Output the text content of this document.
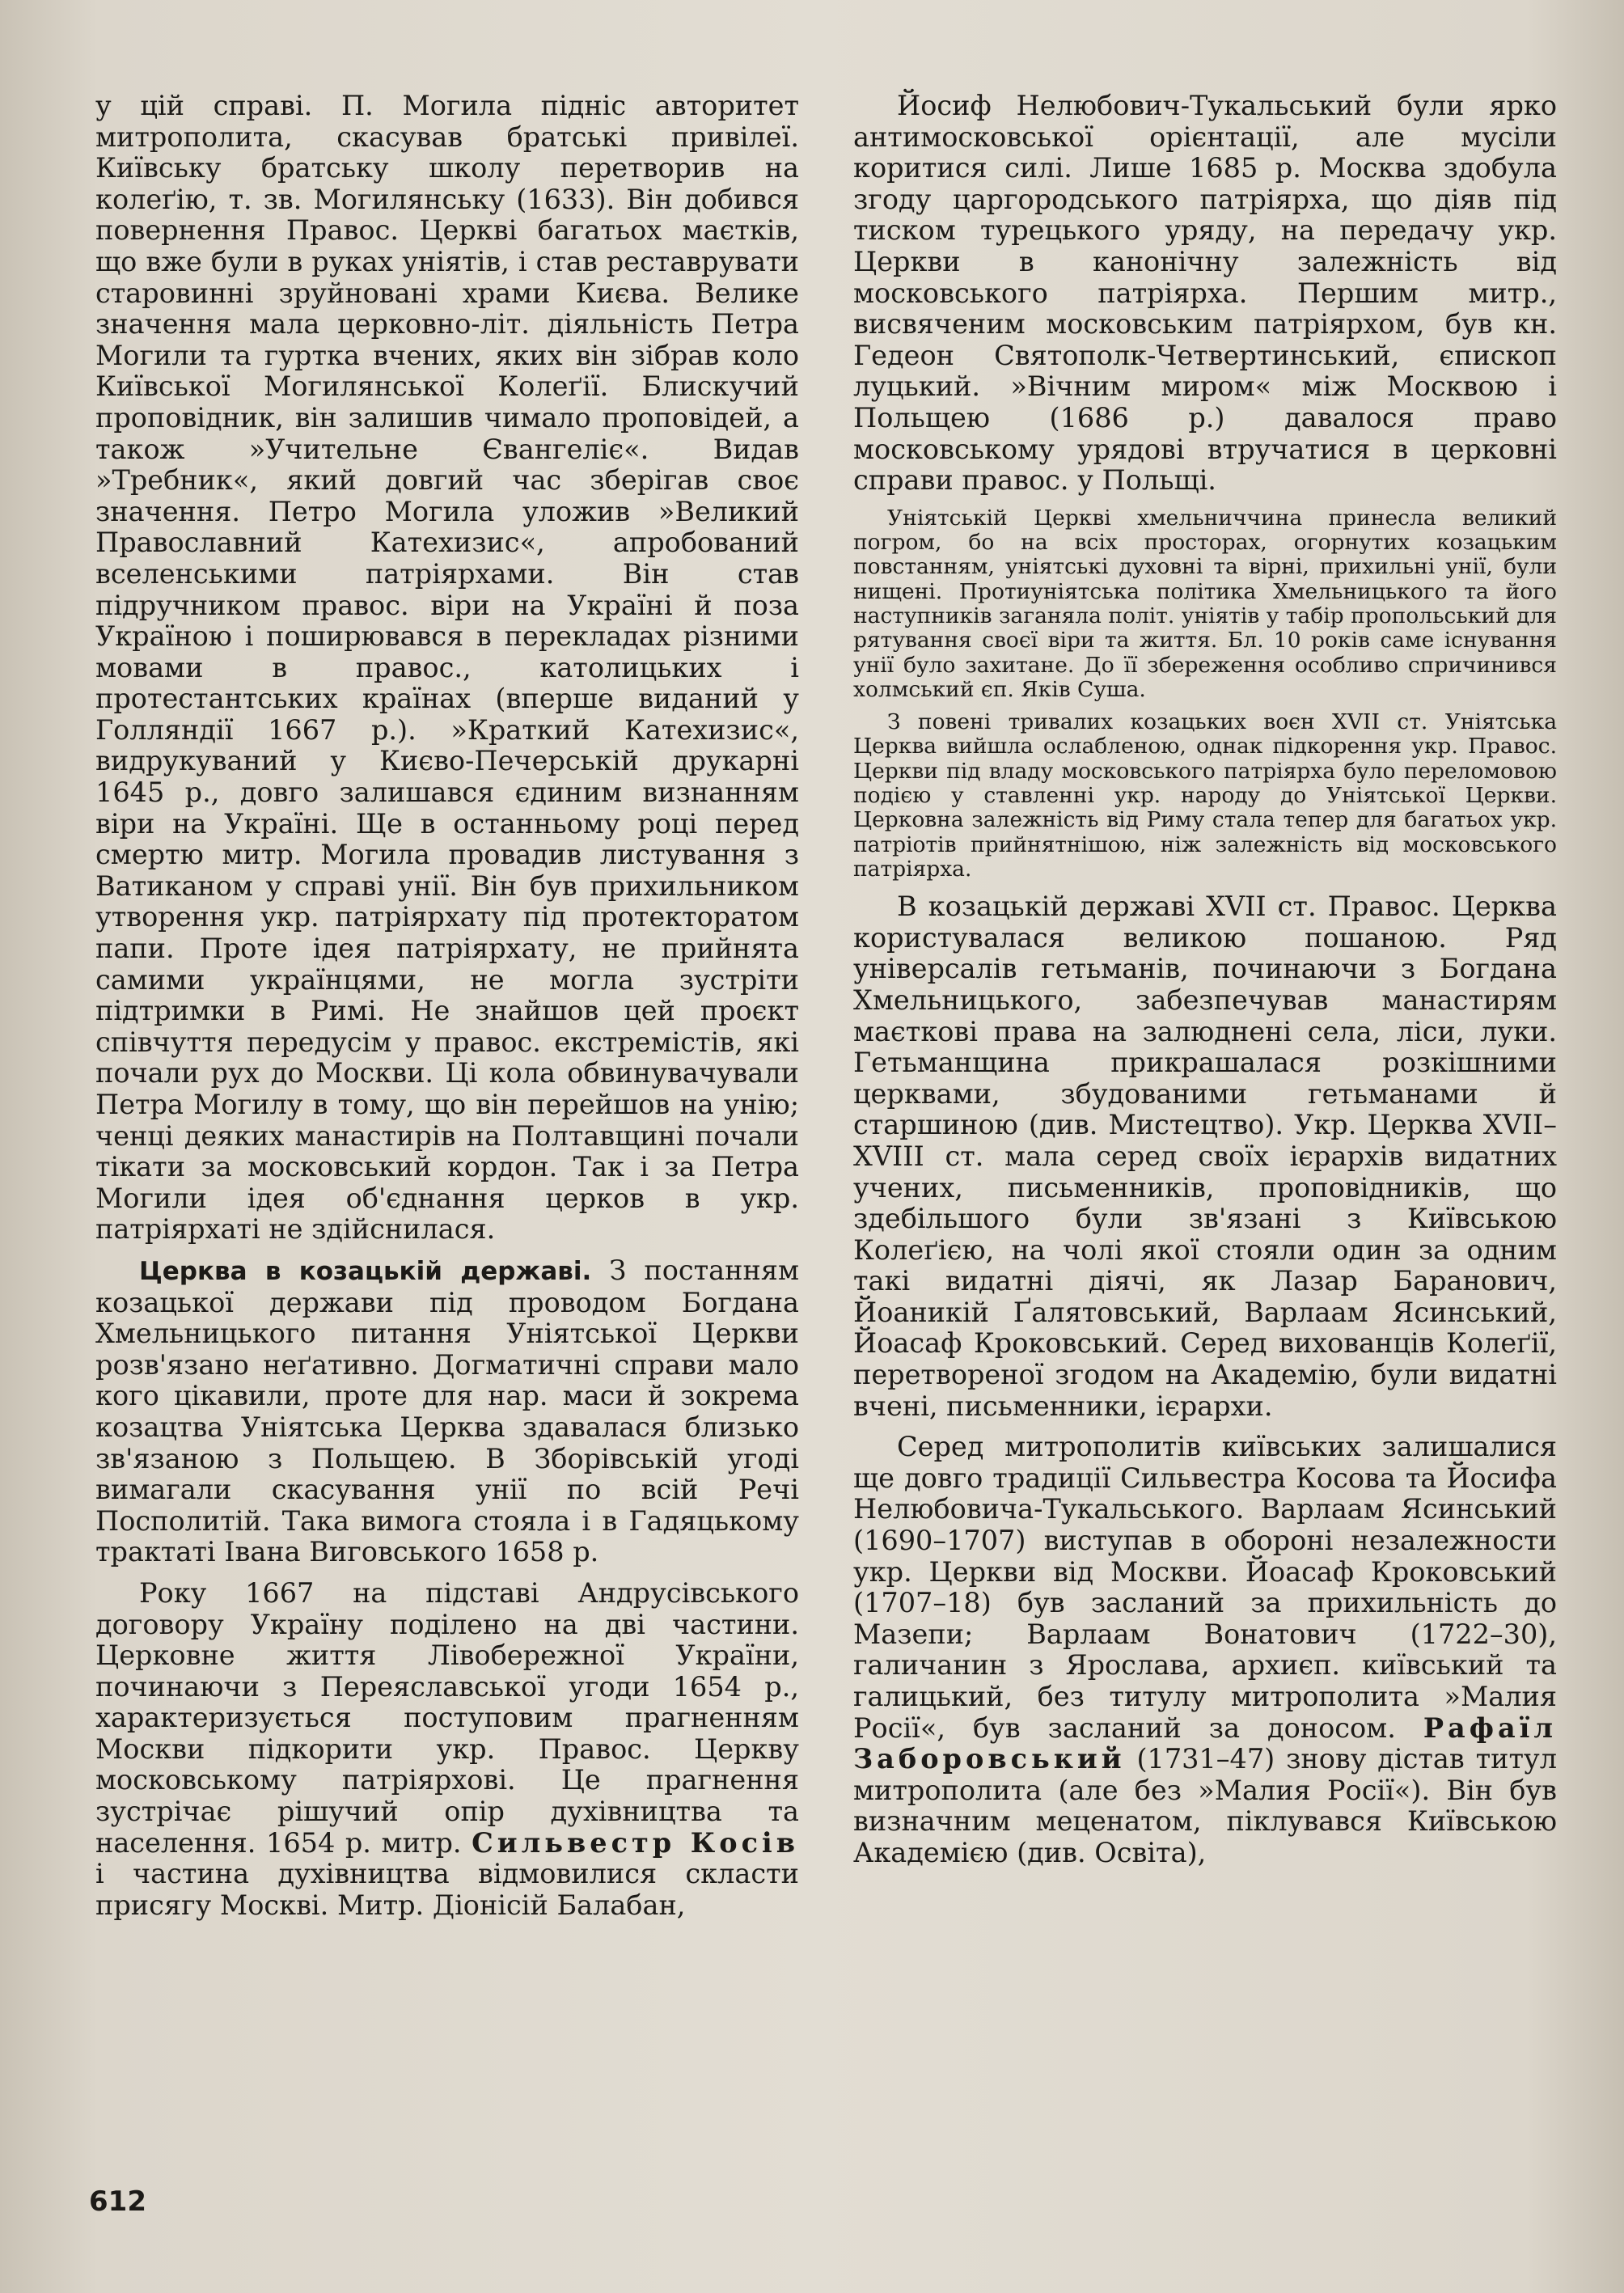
у цій справі. П. Могила підніс авторитет митрополита, скасував братські привілеї. Київську братську школу перетворив на колеґію, т. зв. Могилянську (1633). Він добився повернення Правос. Церкві багатьох маєтків, що вже були в руках уніятів, і став реставрувати старовинні зруйновані храми Києва. Велике значення мала церковно-літ. діяльність Петра Могили та гуртка вчених, яких він зібрав коло Київської Могилянської Колеґії. Блискучий проповідник, він залишив чимало проповідей, а також »Учительне Євангеліє«. Видав »Требник«, який довгий час зберігав своє значення. Петро Могила уложив »Великий Православний Катехизис«, апробований вселенськими патріярхами. Він став підручником правос. віри на Україні й поза Україною і поширювався в перекладах різними мовами в правос., католицьких і протестантських країнах (вперше виданий у Голляндії 1667 р.). »Краткий Катехизис«, видрукуваний у Києво-Печерській друкарні 1645 р., довго залишався єдиним визнанням віри на Україні. Ще в останньому році перед смертю митр. Могила провадив листування з Ватиканом у справі унії. Він був прихильником утворення укр. патріярхату під протекторатом папи. Проте ідея патріярхату, не прийнята самими українцями, не могла зустріти підтримки в Римі. Не знайшов цей проєкт співчуття передусім у правос. екстремістів, які почали рух до Москви. Ці кола обвинувачували Петра Могилу в тому, що він перейшов на унію; ченці деяких манастирів на Полтавщині почали тікати за московський кордон. Так і за Петра Могили ідея об'єднання церков в укр. патріярхаті не здійснилася.

Церква в козацькій державі. З постанням козацької держави під проводом Богдана Хмельницького питання Уніятської Церкви розв'язано неґативно. Догматичні справи мало кого цікавили, проте для нар. маси й зокрема козацтва Уніятська Церква здавалася близько зв'язаною з Польщею. В Зборівській угоді вимагали скасування унії по всій Речі Посполитій. Така вимога стояла і в Гадяцькому трактаті Івана Виговського 1658 р.

Року 1667 на підставі Андрусівського договору Україну поділено на дві частини. Церковне життя Лівобережної України, починаючи з Переяславської угоди 1654 р., характеризується поступовим прагненням Москви підкорити укр. Правос. Церкву московському патріярхові. Це прагнення зустрічає рішучий опір духівництва та населення. 1654 р. митр. Сильвестр Косів і частина духівництва відмовилися скласти присягу Москві. Митр. Діонісій Балабан,

Йосиф Нелюбович-Тукальський були ярко антимосковської орієнтації, але мусіли коритися силі. Лише 1685 р. Москва здобула згоду царгородського патріярха, що діяв під тиском турецького уряду, на передачу укр. Церкви в канонічну залежність від московського патріярха. Першим митр., висвяченим московським патріярхом, був кн. Гедеон Святополк-Четвертинський, єпископ луцький. »Вічним миром« між Москвою і Польщею (1686 р.) давалося право московському урядові втручатися в церковні справи правос. у Польщі.

Уніятській Церкві хмельниччина принесла великий погром, бо на всіх просторах, огорнутих козацьким повстанням, уніятські духовні та вірні, прихильні унії, були нищені. Протиуніятська політика Хмельницького та його наступників заганяла політ. уніятів у табір пропольський для рятування своєї віри та життя. Бл. 10 років саме існування унії було захитане. До її збереження особливо спричинився холмський єп. Яків Суша.

З повені тривалих козацьких воєн XVII ст. Уніятська Церква вийшла ослабленою, однак підкорення укр. Правос. Церкви під владу московського патріярха було переломовою подією у ставленні укр. народу до Уніятської Церкви. Церковна залежність від Риму стала тепер для багатьох укр. патріотів прийнятнішою, ніж залежність від московського патріярха.

В козацькій державі XVII ст. Правос. Церква користувалася великою пошаною. Ряд універсалів гетьманів, починаючи з Богдана Хмельницького, забезпечував манастирям маєткові права на залюднені села, ліси, луки. Гетьманщина прикрашалася розкішними церквами, збудованими гетьманами й старшиною (див. Мистецтво). Укр. Церква XVII–XVIII ст. мала серед своїх ієрархів видатних учених, письменників, проповідників, що здебільшого були зв'язані з Київською Колеґією, на чолі якої стояли один за одним такі видатні діячі, як Лазар Баранович, Йоаникій Ґалятовський, Варлаам Ясинський, Йоасаф Кроковський. Серед вихованців Колеґії, перетвореної згодом на Академію, були видатні вчені, письменники, ієрархи.

Серед митрополитів київських залишалися ще довго традиції Сильвестра Косова та Йосифа Нелюбовича-Тукальського. Варлаам Ясинський (1690–1707) виступав в обороні незалежности укр. Церкви від Москви. Йоасаф Кроковський (1707–18) був засланий за прихильність до Мазепи; Варлаам Вонатович (1722–30), галичанин з Ярослава, архиєп. київський та галицький, без титулу митрополита »Малия Росії«, був засланий за доносом. Рафаїл Заборовський (1731–47) знову дістав титул митрополита (але без »Малия Росії«). Він був визначним меценатом, піклувався Київською Академією (див. Освіта),

612
